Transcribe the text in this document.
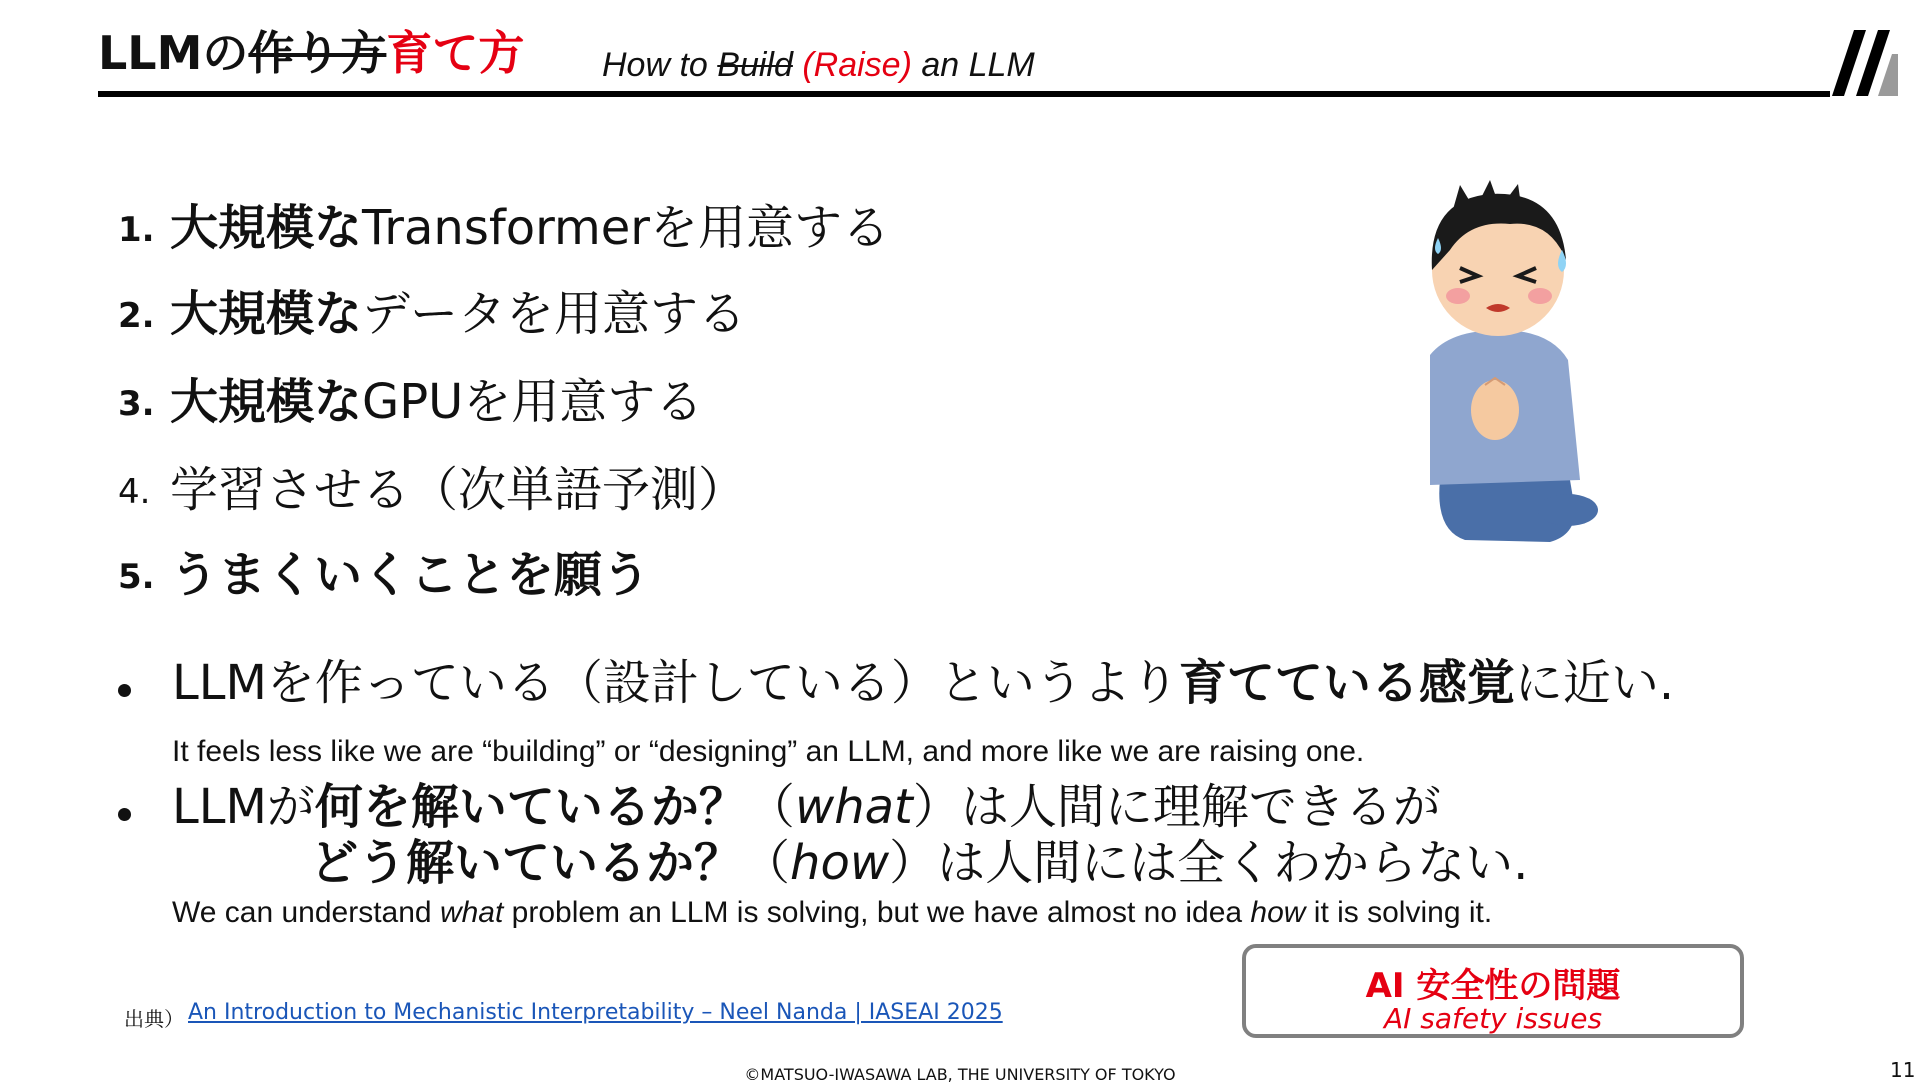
LLMの作り方育て方 How to Build (Raise) an LLM
1. 大規模なTransformerを用意する
2. 大規模なデータを用意する
3. 大規模なGPUを用意する
4. 学習させる（次単語予測）
5. うまくいくことを願う
LLMを作っている（設計している）というより育てている感覚に近い.
It feels less like we are “building” or “designing” an LLM, and more like we are raising one.
LLMが何を解いているか？（what）は人間に理解できるが
どう解いているか？（how）は人間には全くわからない.
We can understand what problem an LLM is solving, but we have almost no idea how it is solving it.
AI 安全性の問題
AI safety issues
出典） An Introduction to Mechanistic Interpretability – Neel Nanda | IASEAI 2025
©MATSUO-IWASAWA LAB, THE UNIVERSITY OF TOKYO	11
